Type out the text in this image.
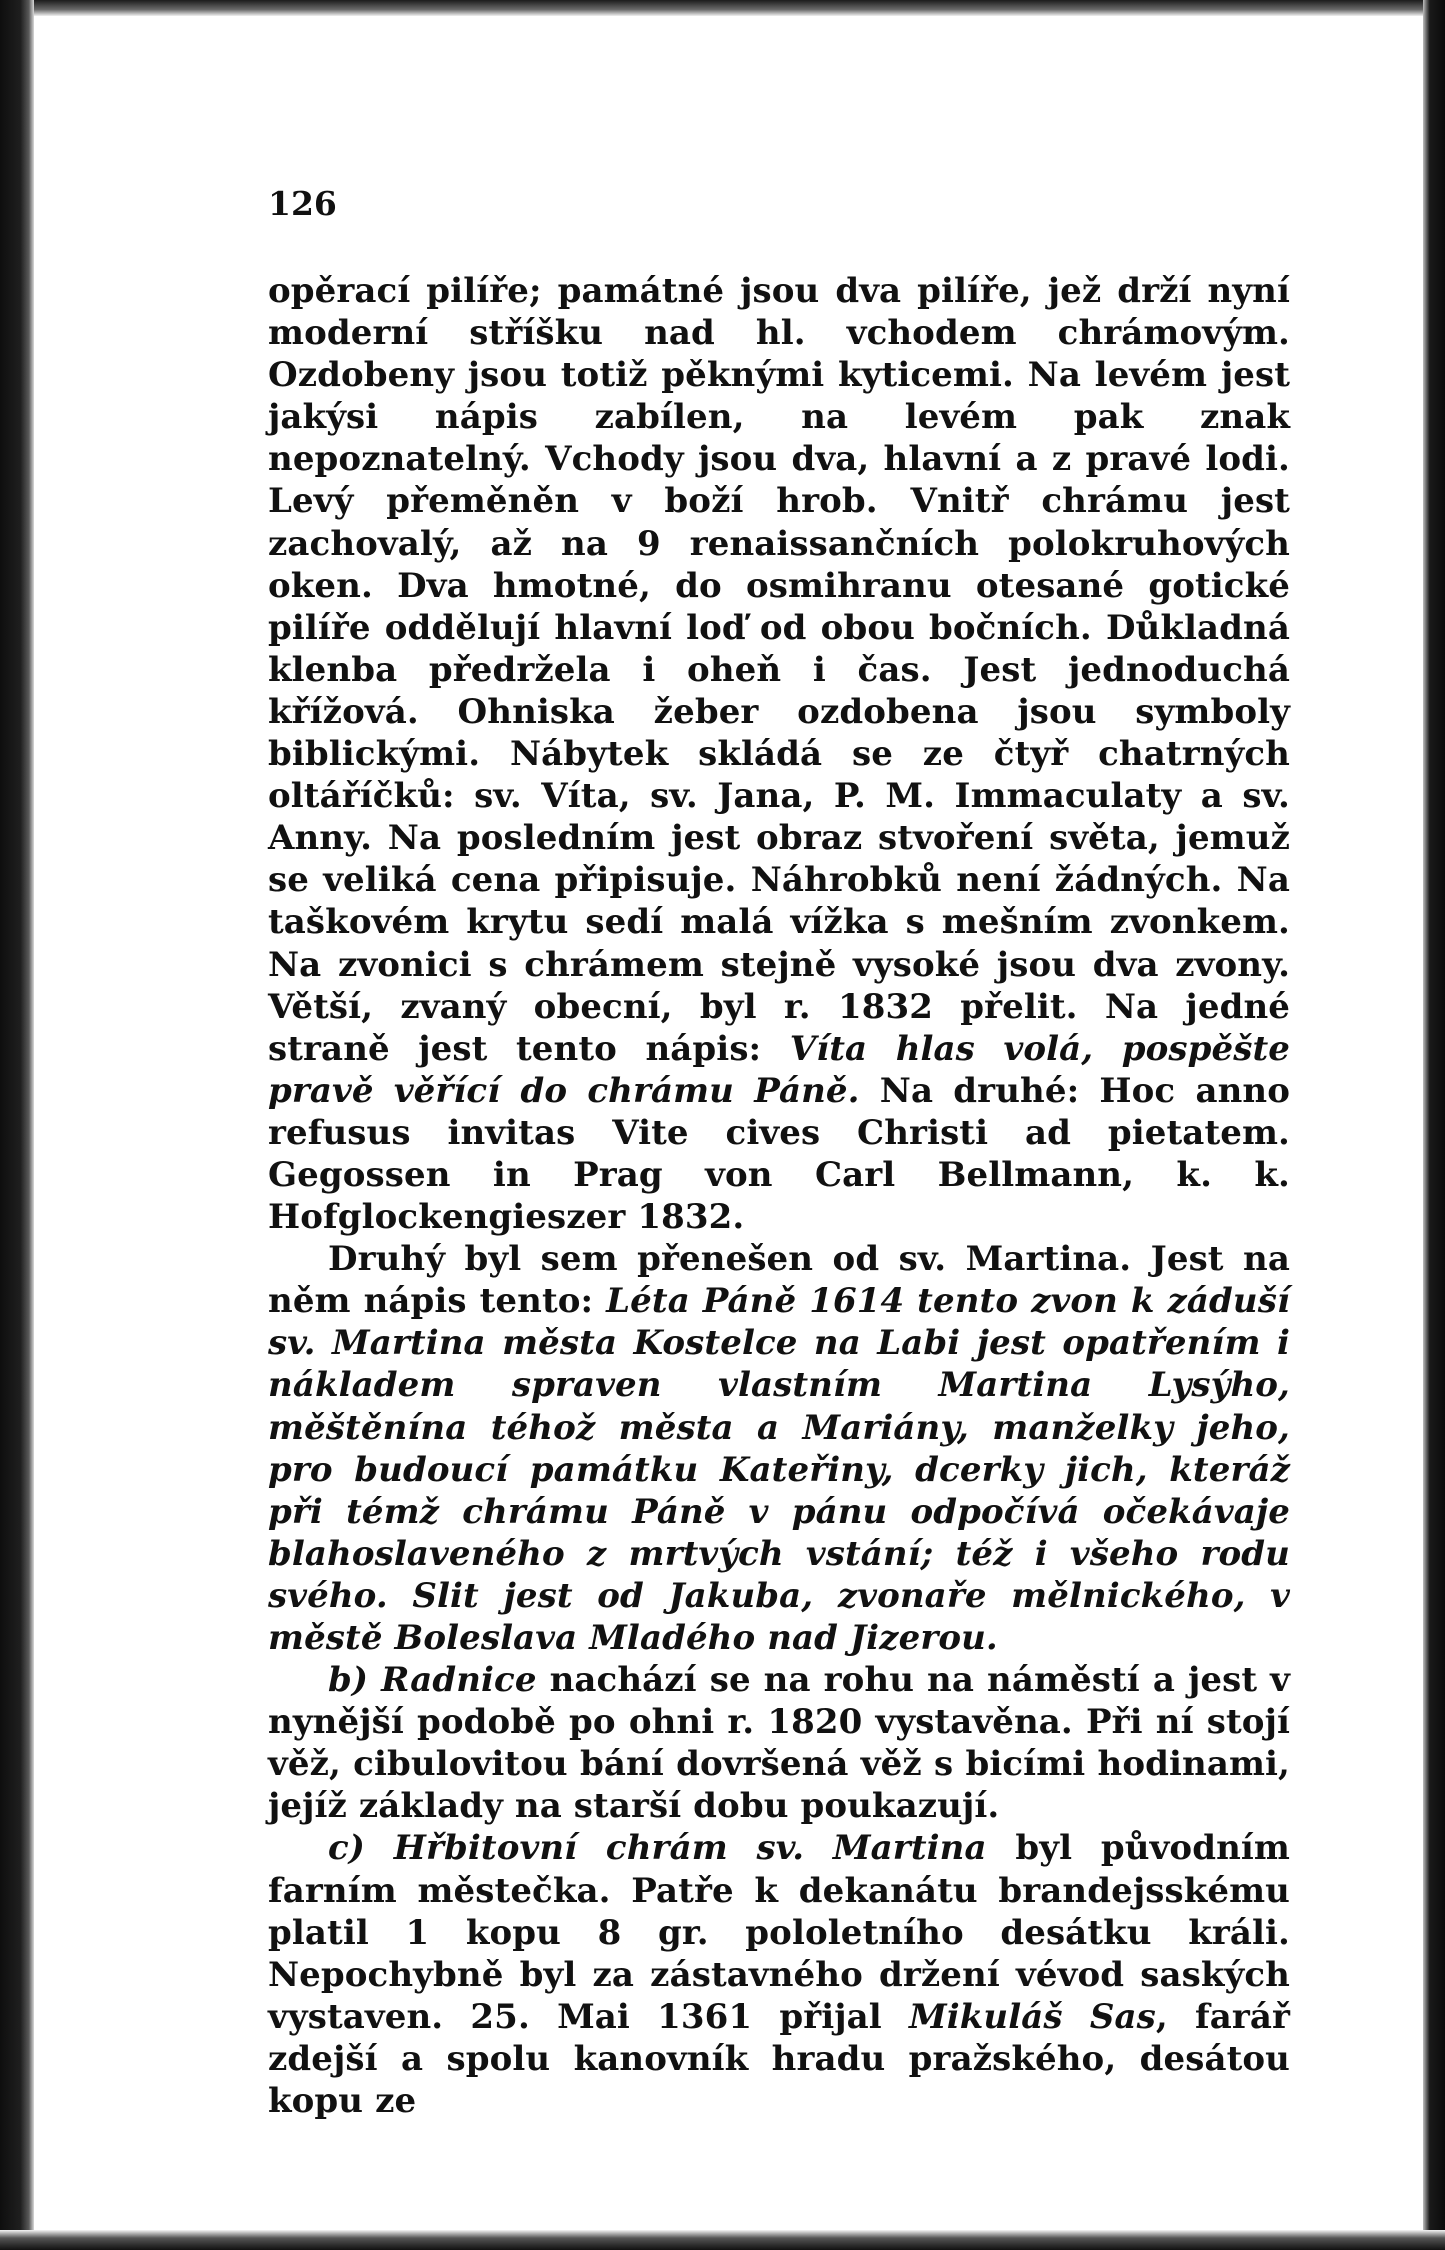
126

opěrací pilíře; památné jsou dva pilíře, jež drží nyní moderní stříšku nad hl. vchodem chrámovým. Ozdobeny jsou totiž pěknými kyticemi. Na levém jest jakýsi nápis zabílen, na levém pak znak nepoznatelný. Vchody jsou dva, hlavní a z pravé lodi. Levý přeměněn v boží hrob. Vnitř chrámu jest zachovalý, až na 9 renaissančních polokruhových oken. Dva hmotné, do osmihranu otesané gotické pilíře oddělují hlavní loď od obou bočních. Důkladná klenba předržela i oheň i čas. Jest jednoduchá křížová. Ohniska žeber ozdobena jsou symboly biblickými. Nábytek skládá se ze čtyř chatrných oltáříčků: sv. Víta, sv. Jana, P. M. Immaculaty a sv. Anny. Na posledním jest obraz stvoření světa, jemuž se veliká cena připisuje. Náhrobků není žádných. Na taškovém krytu sedí malá vížka s mešním zvonkem. Na zvonici s chrámem stejně vysoké jsou dva zvony. Větší, zvaný obecní, byl r. 1832 přelit. Na jedné straně jest tento nápis: Víta hlas volá, pospěšte pravě věřící do chrámu Páně. Na druhé: Hoc anno refusus invitas Vite cives Christi ad pietatem. Gegossen in Prag von Carl Bellmann, k. k. Hofglockengieszer 1832.

Druhý byl sem přenešen od sv. Martina. Jest na něm nápis tento: Léta Páně 1614 tento zvon k záduší sv. Martina města Kostelce na Labi jest opatřením i nákladem spraven vlastním Martina Lysýho, měštěnína téhož města a Mariány, manželky jeho, pro budoucí památku Kateřiny, dcerky jich, kteráž při témž chrámu Páně v pánu odpočívá očekávaje blahoslaveného z mrtvých vstání; též i všeho rodu svého. Slit jest od Jakuba, zvonaře mělnického, v městě Boleslava Mladého nad Jizerou.

b) Radnice nachází se na rohu na náměstí a jest v nynější podobě po ohni r. 1820 vystavěna. Při ní stojí věž, cibulovitou bání dovršená věž s bicími hodinami, jejíž základy na starší dobu poukazují.

c) Hřbitovní chrám sv. Martina byl původním farním městečka. Patře k dekanátu brandejsskému platil 1 kopu 8 gr. pololetního desátku králi. Nepochybně byl za zástavného držení vévod saských vystaven. 25. Mai 1361 přijal Mikuláš Sas, farář zdejší a spolu kanovník hradu pražského, desátou kopu ze
